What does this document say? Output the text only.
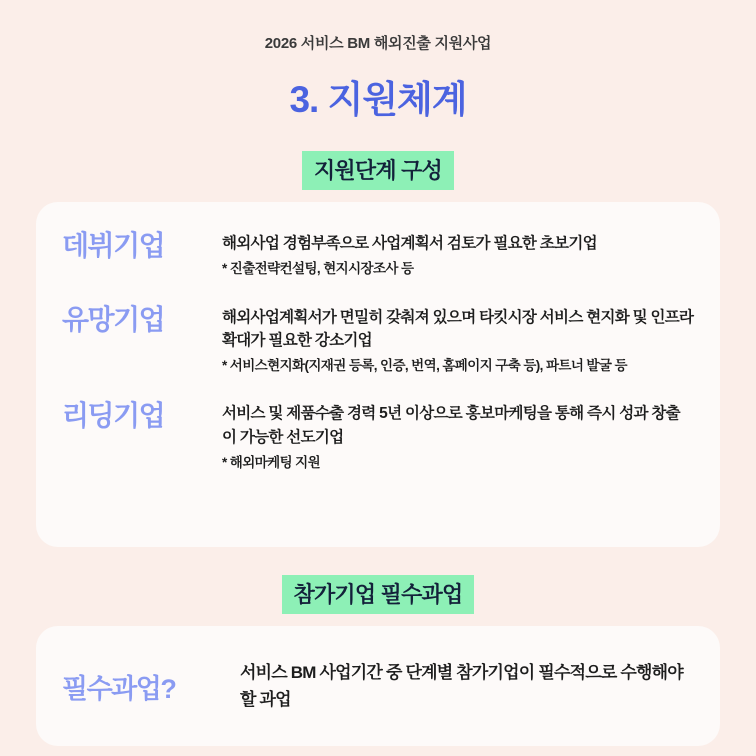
2026 서비스 BM 해외진출 지원사업
3. 지원체계
지원단계 구성
데뷔기업	해외사업 경험부족으로 사업계획서 검토가 필요한 초보기업
* 진출전략컨설팅, 현지시장조사 등
유망기업	해외사업계획서가 면밀히 갖춰져 있으며 타킷시장 서비스 현지화 및 인프라 확대가 필요한 강소기업
* 서비스현지화(지재권 등록, 인증, 번역, 홈페이지 구축 등), 파트너 발굴 등
리딩기업	서비스 및 제품수출 경력 5년 이상으로 홍보마케팅을 통해 즉시 성과 창출이 가능한 선도기업
* 해외마케팅 지원
참가기업 필수과업
필수과업?
서비스 BM 사업기간 중 단계별 참가기업이 필수적으로 수행해야 할 과업
